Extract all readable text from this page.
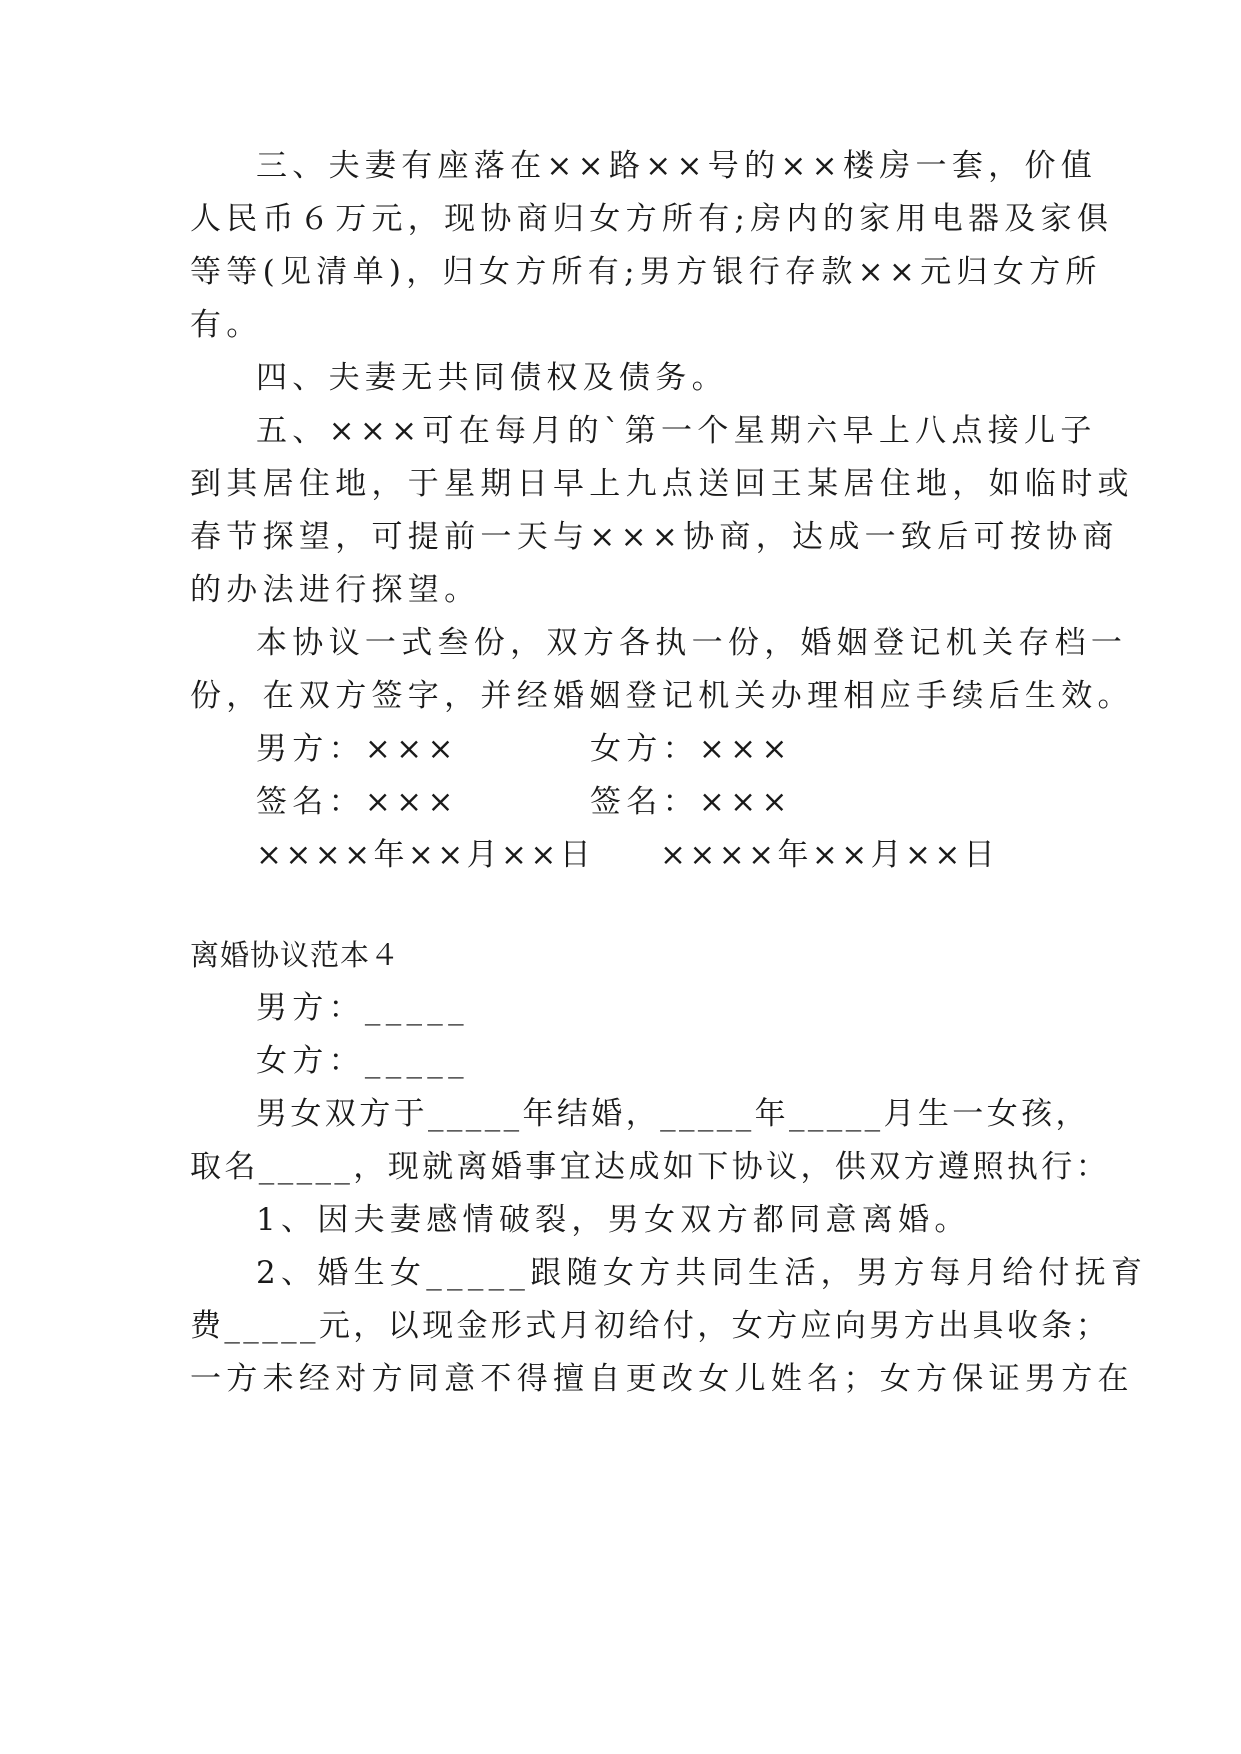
三、夫妻有座落在××路××号的××楼房一套，价值
人民币６万元，现协商归女方所有;房内的家用电器及家俱
等等(见清单)，归女方所有;男方银行存款××元归女方所
有。
四、夫妻无共同债权及债务。
五、×××可在每月的`第一个星期六早上八点接儿子
到其居住地，于星期日早上九点送回王某居住地，如临时或
春节探望，可提前一天与×××协商，达成一致后可按协商
的办法进行探望。
本协议一式叁份，双方各执一份，婚姻登记机关存档一
份，在双方签字，并经婚姻登记机关办理相应手续后生效。
男方：×××	女方：×××
签名：×××	签名：×××
××××年××月××日 ××××年××月××日
离婚协议范本４
男方：_____
女方：_____
男女双方于_____年结婚，_____年_____月生一女孩，
取名_____，现就离婚事宜达成如下协议，供双方遵照执行：
1、因夫妻感情破裂，男女双方都同意离婚。
2、婚生女_____跟随女方共同生活，男方每月给付抚育
费_____元，以现金形式月初给付，女方应向男方出具收条；
一方未经对方同意不得擅自更改女儿姓名；女方保证男方在
